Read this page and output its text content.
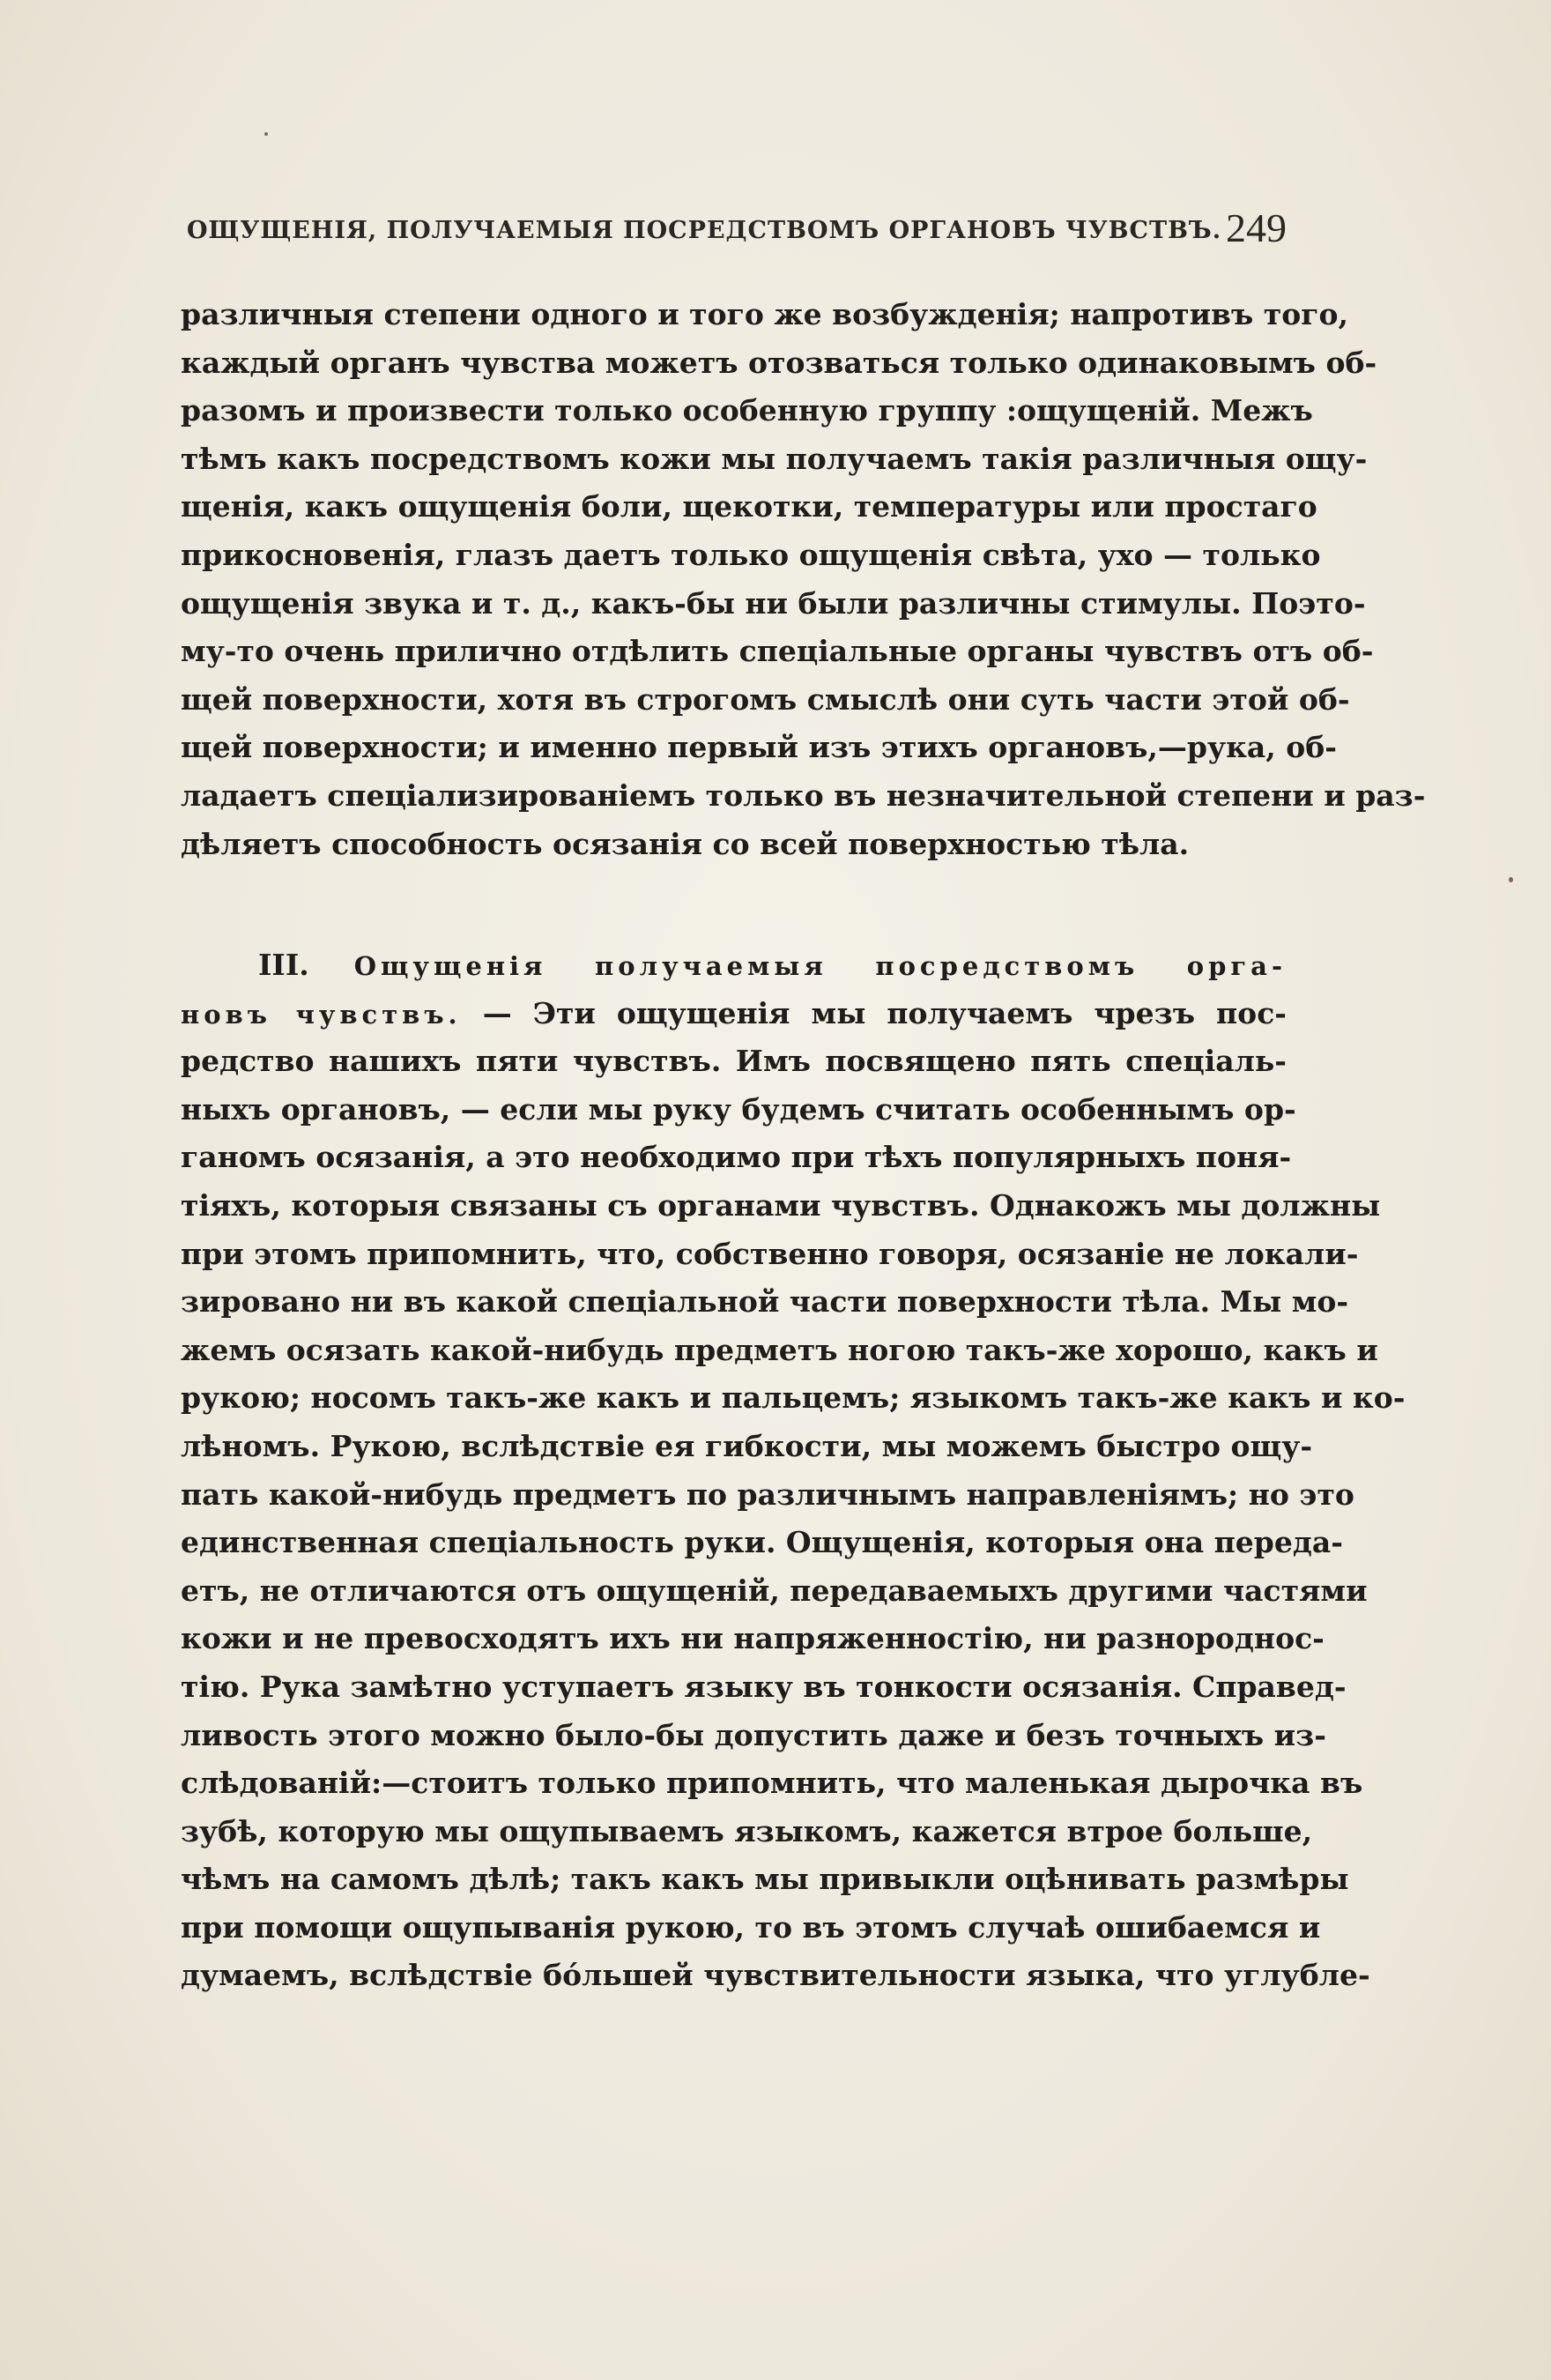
ОЩУЩЕНІЯ, ПОЛУЧАЕМЫЯ ПОСРЕДСТВОМЪ ОРГАНОВЪ ЧУВСТВЪ. 249
различныя степени одного и того же возбужденія; напротивъ того,
каждый органъ чувства можетъ отозваться только одинаковымъ об-
разомъ и произвести только особенную группу :ощущеній. Межъ
тѣмъ какъ посредствомъ кожи мы получаемъ такія различныя ощу-
щенія, какъ ощущенія боли, щекотки, температуры или простаго
прикосновенія, глазъ даетъ только ощущенія свѣта, ухо — только
ощущенія звука и т. д., какъ-бы ни были различны стимулы. Поэто-
му-то очень прилично отдѣлить спеціальные органы чувствъ отъ об-
щей поверхности, хотя въ строгомъ смыслѣ они суть части этой об-
щей поверхности; и именно первый изъ этихъ органовъ,—рука, об-
ладаетъ спеціализированіемъ только въ незначительной степени и раз-
дѣляетъ способность осязанія со всей поверхностью тѣла.
III. Ощущенія получаемыя посредствомъ орга-
новъ чувствъ. — Эти ощущенія мы получаемъ чрезъ пос-
редство нашихъ пяти чувствъ. Имъ посвящено пять спеціаль-
ныхъ органовъ, — если мы руку будемъ считать особеннымъ ор-
ганомъ осязанія, а это необходимо при тѣхъ популярныхъ поня-
тіяхъ, которыя связаны съ органами чувствъ. Однакожъ мы должны
при этомъ припомнить, что, собственно говоря, осязаніе не локали-
зировано ни въ какой спеціальной части поверхности тѣла. Мы мо-
жемъ осязать какой-нибудь предметъ ногою такъ-же хорошо, какъ и
рукою; носомъ такъ-же какъ и пальцемъ; языкомъ такъ-же какъ и ко-
лѣномъ. Рукою, вслѣдствіе ея гибкости, мы можемъ быстро ощу-
пать какой-нибудь предметъ по различнымъ направленіямъ; но это
единственная спеціальность руки. Ощущенія, которыя она переда-
етъ, не отличаются отъ ощущеній, передаваемыхъ другими частями
кожи и не превосходятъ ихъ ни напряженностію, ни разнороднос-
тію. Рука замѣтно уступаетъ языку въ тонкости осязанія. Справед-
ливость этого можно было-бы допустить даже и безъ точныхъ из-
слѣдованій:—стоитъ только припомнить, что маленькая дырочка въ
зубѣ, которую мы ощупываемъ языкомъ, кажется втрое больше,
чѣмъ на самомъ дѣлѣ; такъ какъ мы привыкли оцѣнивать размѣры
при помощи ощупыванія рукою, то въ этомъ случаѣ ошибаемся и
думаемъ, вслѣдствіе бо́льшей чувствительности языка, что углубле-
